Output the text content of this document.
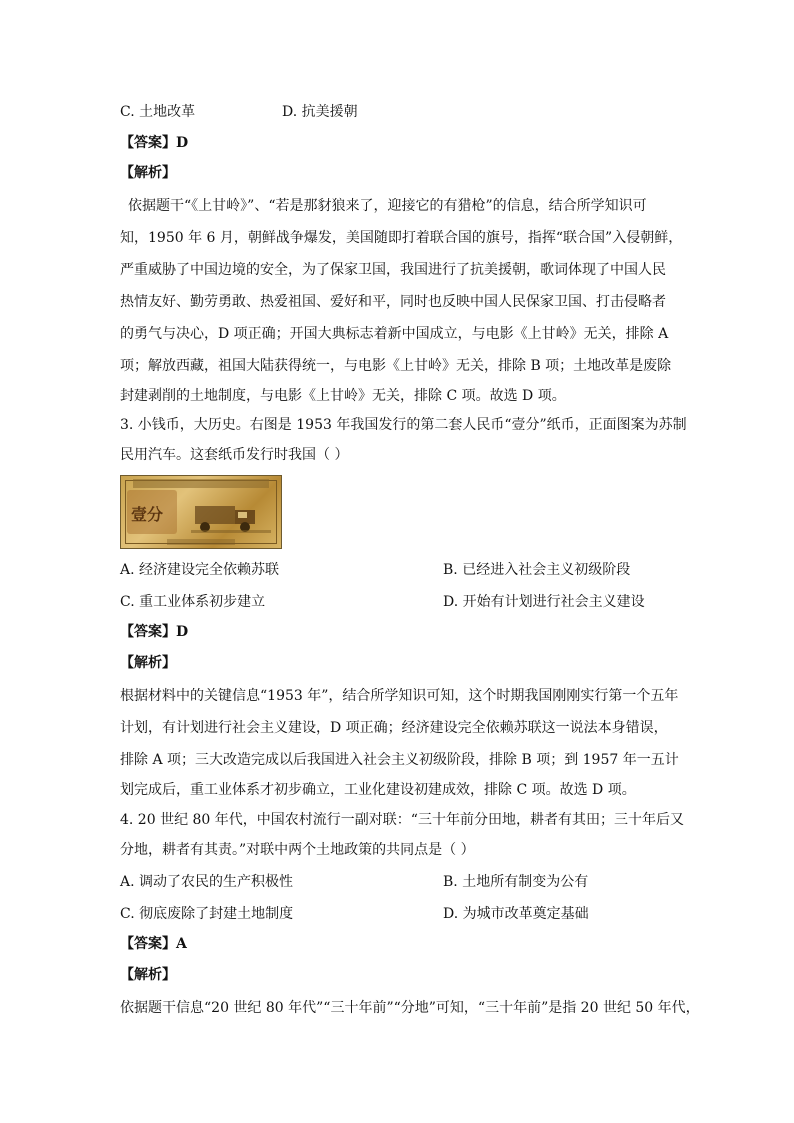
C. 土地改革	D. 抗美援朝
【答案】D
【解析】
依据题干“《上甘岭》”、“若是那豺狼来了，迎接它的有猎枪”的信息，结合所学知识可
知，1950 年 6 月，朝鲜战争爆发，美国随即打着联合国的旗号，指挥“联合国”入侵朝鲜，
严重威胁了中国边境的安全，为了保家卫国，我国进行了抗美援朝，歌词体现了中国人民
热情友好、勤劳勇敢、热爱祖国、爱好和平，同时也反映中国人民保家卫国、打击侵略者
的勇气与决心，D 项正确；开国大典标志着新中国成立，与电影《上甘岭》无关，排除 A
项；解放西藏，祖国大陆获得统一，与电影《上甘岭》无关，排除 B 项；土地改革是废除
封建剥削的土地制度，与电影《上甘岭》无关，排除 C 项。故选 D 项。
3. 小钱币，大历史。右图是 1953 年我国发行的第二套人民币“壹分”纸币，正面图案为苏制
民用汽车。这套纸币发行时我国（ ）
壹分
A. 经济建设完全依赖苏联	B. 已经进入社会主义初级阶段
C. 重工业体系初步建立	D. 开始有计划进行社会主义建设
【答案】D
【解析】
根据材料中的关键信息“1953 年”，结合所学知识可知，这个时期我国刚刚实行第一个五年
计划，有计划进行社会主义建设，D 项正确；经济建设完全依赖苏联这一说法本身错误，
排除 A 项；三大改造完成以后我国进入社会主义初级阶段，排除 B 项；到 1957 年一五计
划完成后，重工业体系才初步确立，工业化建设初建成效，排除 C 项。故选 D 项。
4. 20 世纪 80 年代，中国农村流行一副对联：“三十年前分田地，耕者有其田；三十年后又
分地，耕者有其责。”对联中两个土地政策的共同点是（ ）
A. 调动了农民的生产积极性	B. 土地所有制变为公有
C. 彻底废除了封建土地制度	D. 为城市改革奠定基础
【答案】A
【解析】
依据题干信息“20 世纪 80 年代”“三十年前”“分地”可知，“三十年前”是指 20 世纪 50 年代，
